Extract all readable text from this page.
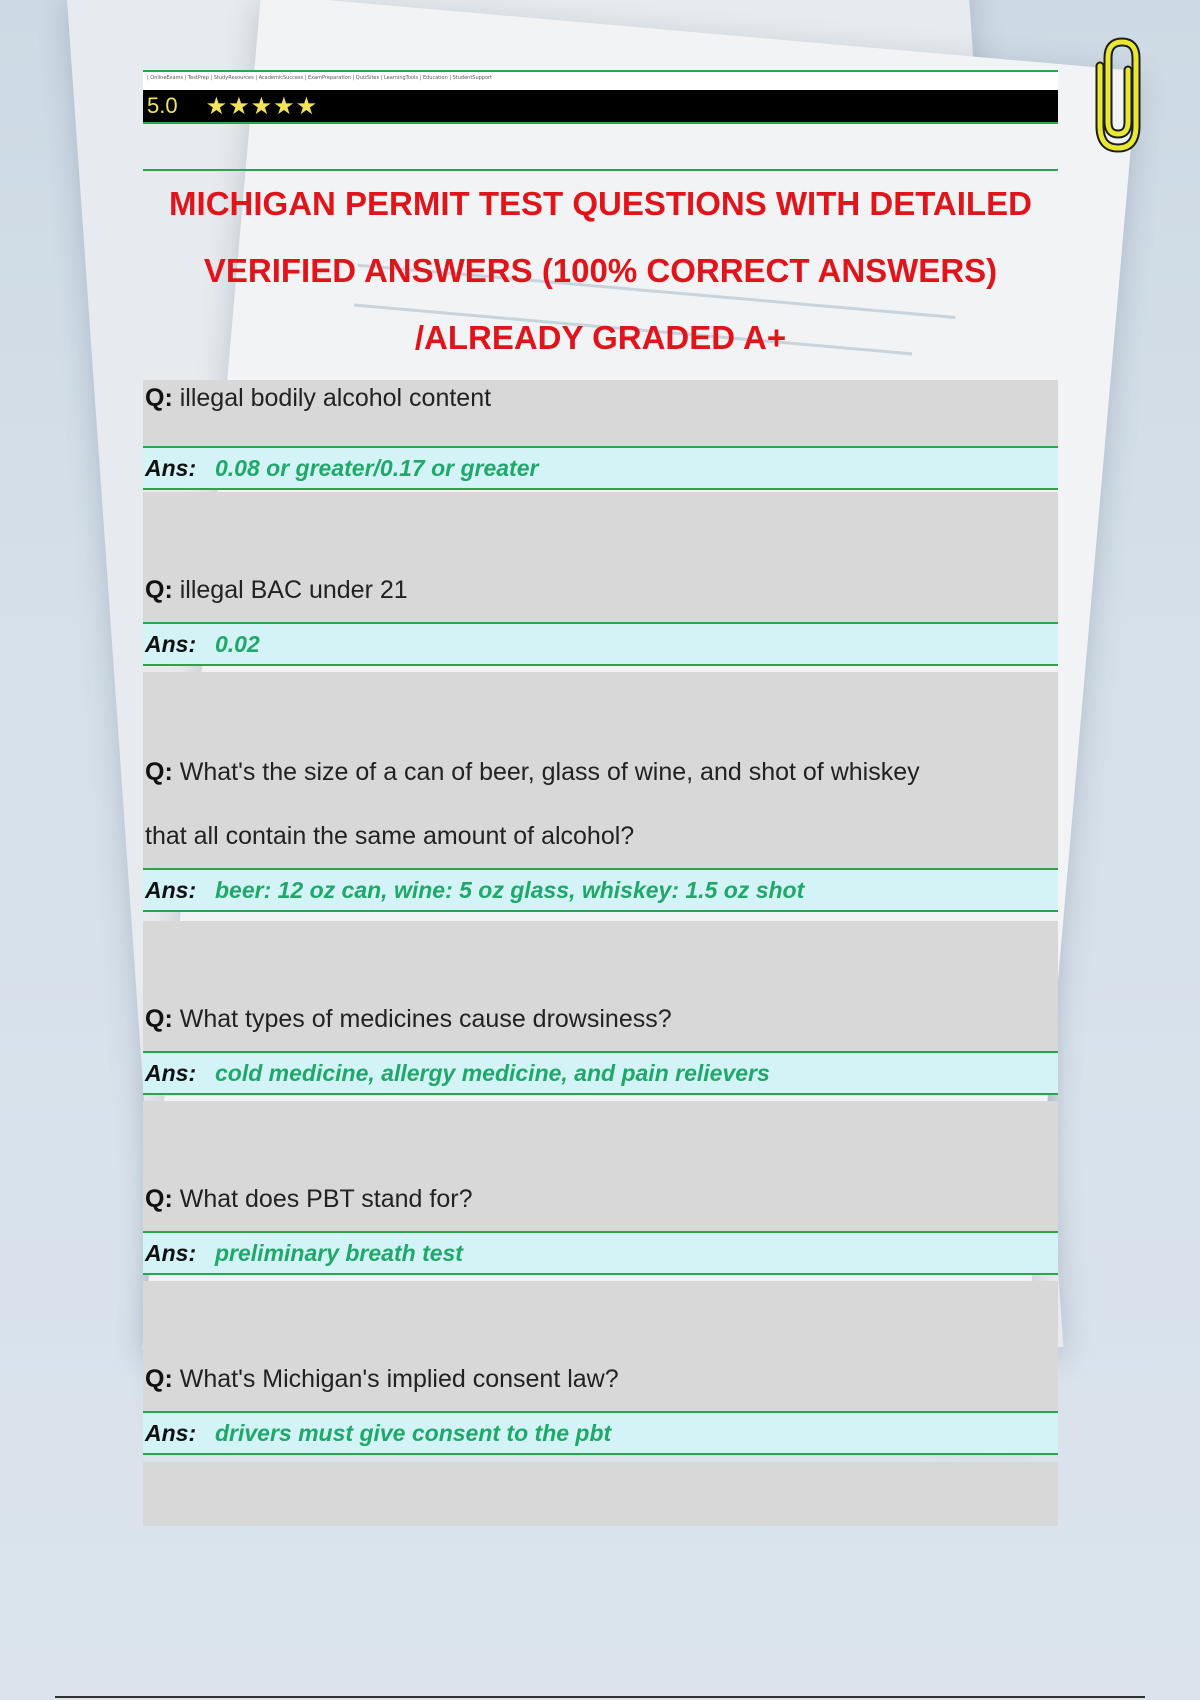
| OnlineExams | TestPrep | StudyResources | AcademicSuccess | ExamPreparation | QuizSites | LearningTools | Education | StudentSupport
5.0 ★★★★★
MICHIGAN PERMIT TEST QUESTIONS WITH DETAILED
VERIFIED ANSWERS (100% CORRECT ANSWERS)
/ALREADY GRADED A+
Q: illegal bodily alcohol content
Ans: 0.08 or greater/0.17 or greater
Q: illegal BAC under 21
Ans: 0.02
Q: What's the size of a can of beer, glass of wine, and shot of whiskey
that all contain the same amount of alcohol?
Ans: beer: 12 oz can, wine: 5 oz glass, whiskey: 1.5 oz shot
Q: What types of medicines cause drowsiness?
Ans: cold medicine, allergy medicine, and pain relievers
Q: What does PBT stand for?
Ans: preliminary breath test
Q: What's Michigan's implied consent law?
Ans: drivers must give consent to the pbt
